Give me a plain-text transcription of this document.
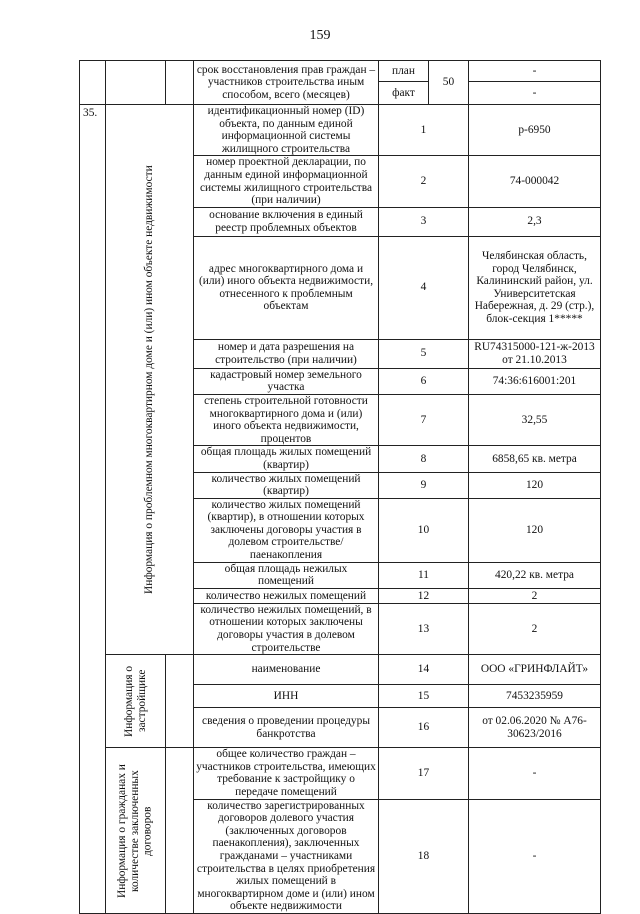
159
			срок восстановления прав граждан – участников строительства иным способом, всего (месяцев)	план	50	-
				факт		-
35.	Информация о проблемном многоквартирном доме и (или) ином объекте недвижимости		идентификационный номер (ID) объекта, по данным единой информационной системы жилищного строительства	1		р-6950
			номер проектной декларации, по данным единой информационной системы жилищного строительства (при наличии)	2		74-000042
			основание включения в единый реестр проблемных объектов	3		2,3
			адрес многоквартирного дома и (или) иного объекта недвижимости, отнесенного к проблемным объектам	4		Челябинская область, город Челябинск, Калининский район, ул. Университетская Набережная, д. 29 (стр.), блок-секция 1*****
			номер и дата разрешения на строительство (при наличии)	5		RU74315000-121-ж-2013 от 21.10.2013
			кадастровый номер земельного участка	6		74:36:616001:201
			степень строительной готовности многоквартирного дома и (или) иного объекта недвижимости, процентов	7		32,55
			общая площадь жилых помещений (квартир)	8		6858,65 кв. метра
			количество жилых помещений (квартир)	9		120
			количество жилых помещений (квартир), в отношении которых заключены договоры участия в долевом строительстве/паенакопления	10		120
			общая площадь нежилых помещений	11		420,22 кв. метра
			количество нежилых помещений	12		2
			количество нежилых помещений, в отношении которых заключены договоры участия в долевом строительстве	13		2

	Информация о застройщике		наименование	14		ООО «ГРИНФЛАЙТ»
			ИНН	15		7453235959
			сведения о проведении процедуры банкротства	16		от 02.06.2020 № А76-30623/2016

	Информация о гражданах и количестве заключенных договоров		общее количество граждан – участников строительства, имеющих требование к застройщику о передаче помещений	17		-
			количество зарегистрированных договоров долевого участия (заключенных договоров паенакопления), заключенных гражданами – участниками строительства в целях приобретения жилых помещений в многоквартирном доме и (или) ином объекте недвижимости	18		-
